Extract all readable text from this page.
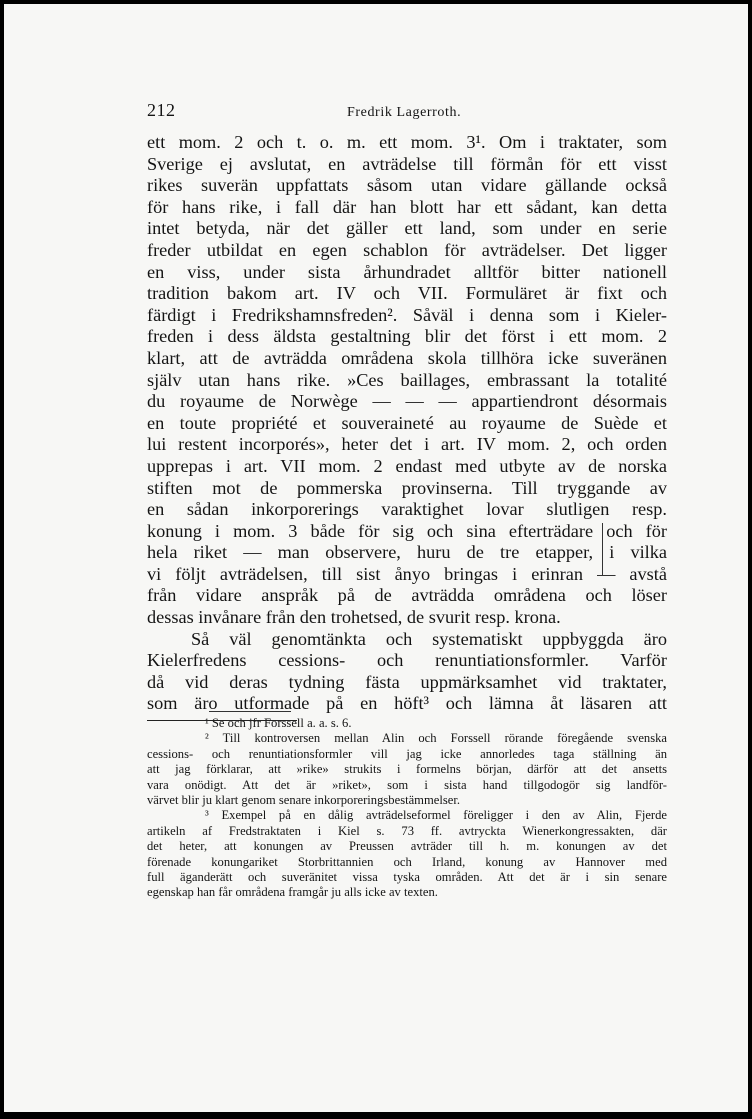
212	Fredrik Lagerroth.
ett mom. 2 och t. o. m. ett mom. 3¹. Om i traktater, som
Sverige ej avslutat, en avträdelse till förmån för ett visst
rikes suverän uppfattats såsom utan vidare gällande också
för hans rike, i fall där han blott har ett sådant, kan detta
intet betyda, när det gäller ett land, som under en serie
freder utbildat en egen schablon för avträdelser. Det ligger
en viss, under sista århundradet alltför bitter nationell
tradition bakom art. IV och VII. Formuläret är fixt och
färdigt i Fredrikshamnsfreden². Såväl i denna som i Kieler-
freden i dess äldsta gestaltning blir det först i ett mom. 2
klart, att de avträdda områdena skola tillhöra icke suveränen
själv utan hans rike. »Ces baillages, embrassant la totalité
du royaume de Norwège — — — appartiendront désormais
en toute propriété et souveraineté au royaume de Suède et
lui restent incorporés», heter det i art. IV mom. 2, och orden
upprepas i art. VII mom. 2 endast med utbyte av de norska
stiften mot de pommerska provinserna. Till tryggande av
en sådan inkorporerings varaktighet lovar slutligen resp.
konung i mom. 3 både för sig och sina efterträdare och för
hela riket — man observere, huru de tre etapper, i vilka
vi följt avträdelsen, till sist ånyo bringas i erinran — avstå
från vidare anspråk på de avträdda områdena och löser
dessas invånare från den trohetsed, de svurit resp. krona.
Så väl genomtänkta och systematiskt uppbyggda äro
Kielerfredens cessions- och renuntiationsformler. Varför
då vid deras tydning fästa uppmärksamhet vid traktater,
som äro utformade på en höft³ och lämna åt läsaren att
¹ Se och jfr Forssell a. a. s. 6.
² Till kontroversen mellan Alin och Forssell rörande föregående svenska
cessions- och renuntiationsformler vill jag icke annorledes taga ställning än
att jag förklarar, att »rike» strukits i formelns början, därför att det ansetts
vara onödigt. Att det är »riket», som i sista hand tillgodogör sig landför-
värvet blir ju klart genom senare inkorporeringsbestämmelser.
³ Exempel på en dålig avträdelseformel föreligger i den av Alin, Fjerde
artikeln af Fredstraktaten i Kiel s. 73 ff. avtryckta Wienerkongressakten, där
det heter, att konungen av Preussen avträder till h. m. konungen av det
förenade konungariket Storbrittannien och Irland, konung av Hannover med
full äganderätt och suveränitet vissa tyska områden. Att det är i sin senare
egenskap han får områdena framgår ju alls icke av texten.
